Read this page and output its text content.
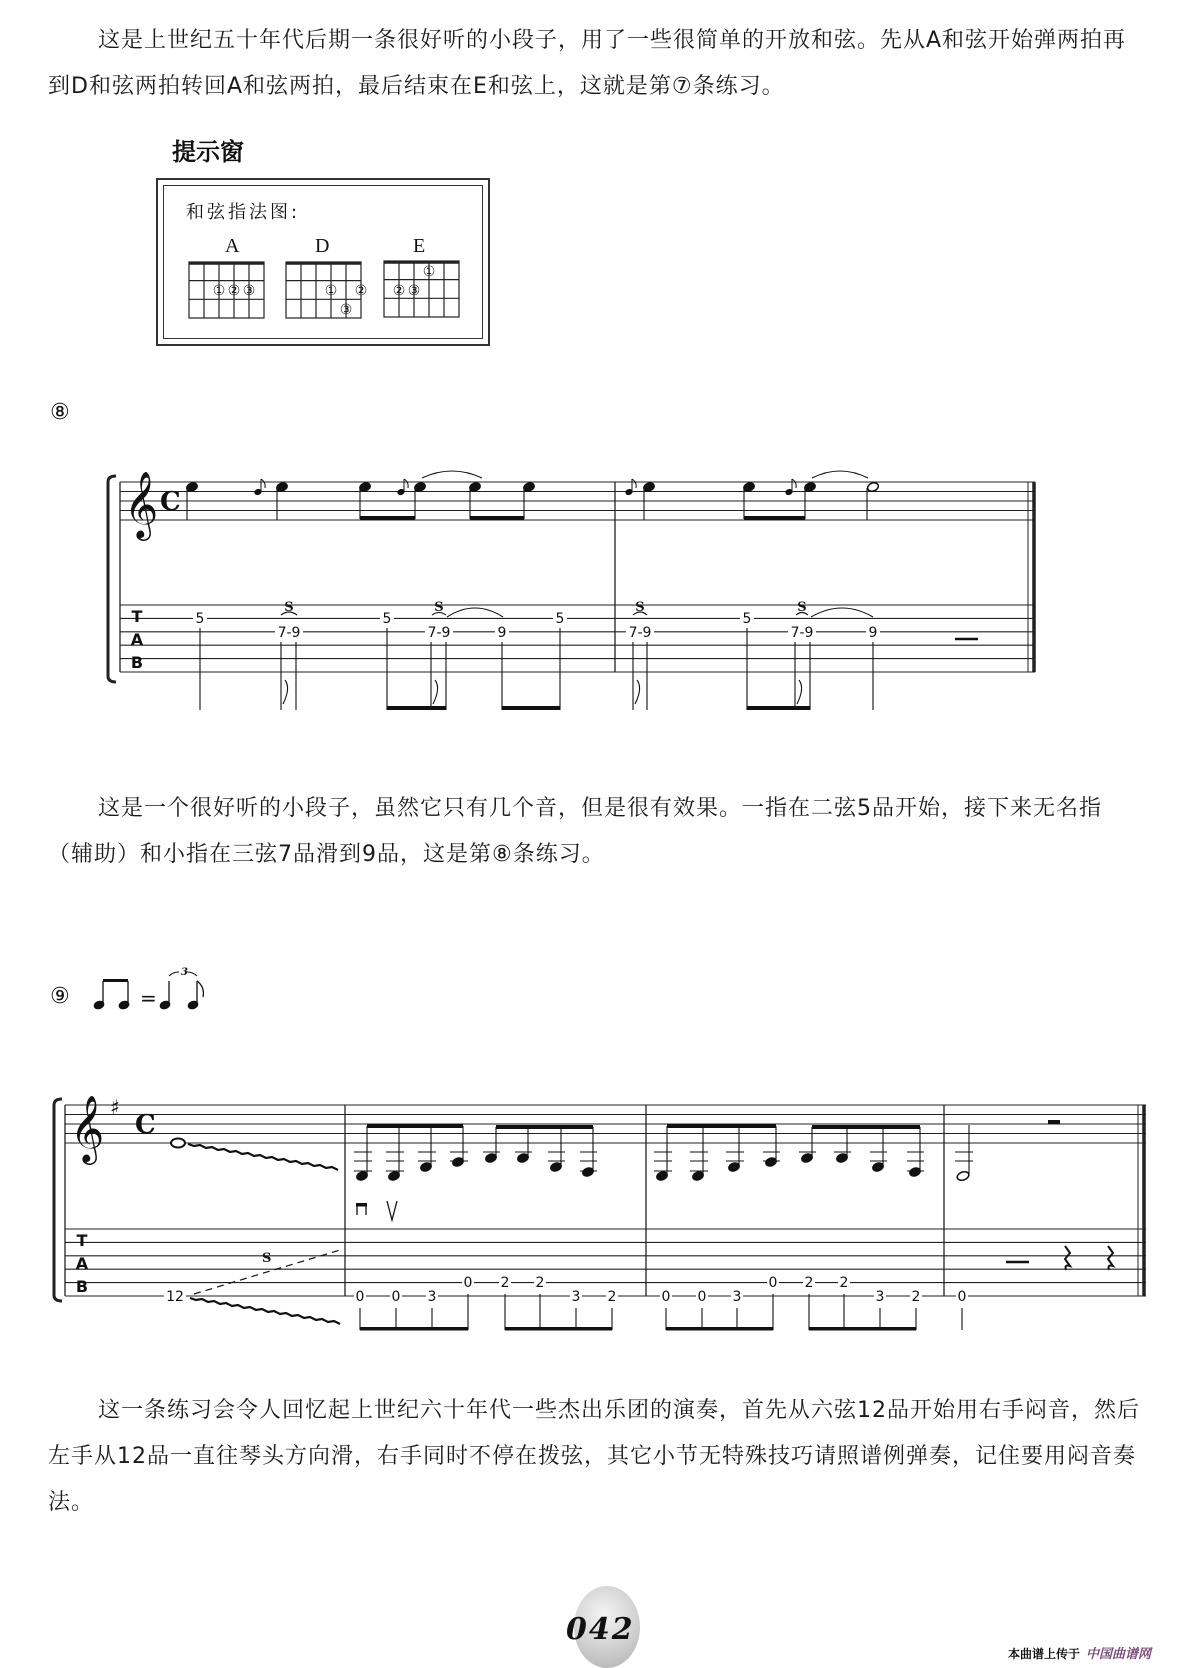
这是上世纪五十年代后期一条很好听的小段子，用了一些很简单的开放和弦。先从A和弦开始弹两拍再到D和弦两拍转回A和弦两拍，最后结束在E和弦上，这就是第⑦条练习。

提示窗
和弦指法图:
⑧
⑨

这是一个很好听的小段子，虽然它只有几个音，但是很有效果。一指在二弦5品开始，接下来无名指（辅助）和小指在三弦7品滑到9品，这是第⑧条练习。

这一条练习会令人回忆起上世纪六十年代一些杰出乐团的演奏，首先从六弦12品开始用右手闷音，然后左手从12品一直往琴头方向滑，右手同时不停在拨弦，其它小节无特殊技巧请照谱例弹奏，记住要用闷音奏法。

A	D	E
① ② ③	① ②
③
①
② ③
𝄞 C
T
A
B
5
7-9
5
7-9	9
5
7-9
5
7-9	9
S	S	S	S
=
3
𝄞 ♯
C
T
A
B
S
12	0 0 3
0 2 2
3 2	0 0 3
0 2 2
3 2	0
042
本曲谱上传于 中国曲谱网
